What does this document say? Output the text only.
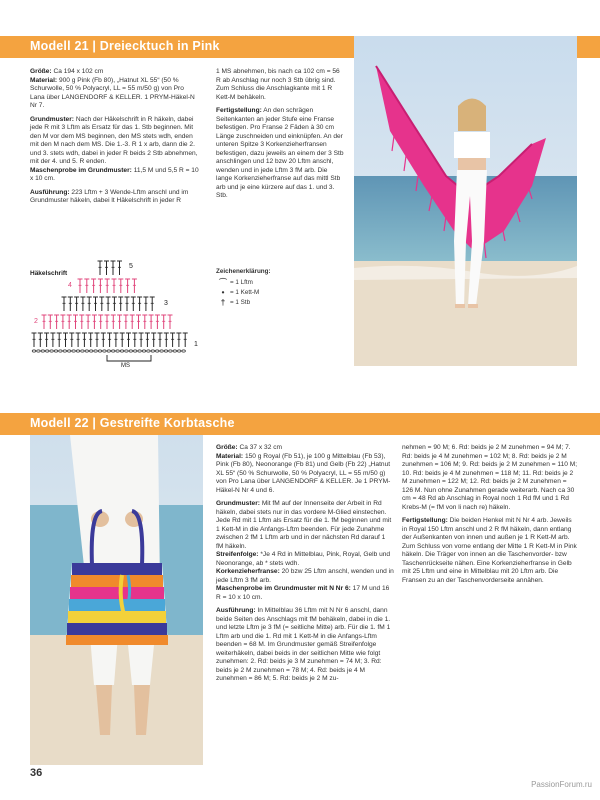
Modell 21 | Dreiecktuch in Pink

Größe: Ca 194 x 102 cm
Material: 900 g Pink (Fb 80), „Hatnut XL 55“ (50 % Schurwolle, 50 % Polyacryl, LL = 55 m/50 g) von Pro Lana über LANGENDORF & KELLER. 1 PRYM-Häkel-N Nr 7.

Grundmuster: Nach der Häkelschrift in R häkeln, dabei jede R mit 3 Lftm als Ersatz für das 1. Stb beginnen. Mit den M vor dem MS beginnen, den MS stets wdh, enden mit den M nach dem MS. Die 1.-3. R 1 x arb, dann die 2. und 3. stets wdh, dabei in jeder R beids 2 Stb abnehmen, mit der 4. und 5. R enden.
Maschenprobe im Grundmuster: 11,5 M und 5,5 R = 10 x 10 cm.

Ausführung: 223 Lftm + 3 Wende-Lftm anschl und im Grundmuster häkeln, dabei lt Häkelschrift in jeder R

1 MS abnehmen, bis nach ca 102 cm = 56 R ab Anschlag nur noch 3 Stb übrig sind. Zum Schluss die Anschlagkante mit 1 R Kett-M behäkeln.

Fertigstellung: An den schrägen Seitenkanten an jeder Stufe eine Franse befestigen. Pro Franse 2 Fäden à 30 cm Länge zuschneiden und einknüpfen. An der unteren Spitze 3 Korkenzieherfransen befestigen, dazu jeweils an einem der 3 Stb anschlingen und 12 bzw 20 Lftm anschl, wenden und in jede Lftm 3 fM arb. Die lange Korkenzieherfranse auf das mittl Stb arb und je eine kürzere auf das 1. und 3. Stb.

Häkelschrift
1
2
3
4
5
MS
Zeichenerklärung:
⌒ = 1 Lftm
• = 1 Kett-M
† = 1 Stb
Modell 22 | Gestreifte Korbtasche

Größe: Ca 37 x 32 cm
Material: 150 g Royal (Fb 51), je 100 g Mittelblau (Fb 53), Pink (Fb 80), Neonorange (Fb 81) und Gelb (Fb 22) „Hatnut XL 55“ (50 % Schurwolle, 50 % Polyacryl, LL = 55 m/50 g) von Pro Lana über LANGENDORF & KELLER. Je 1 PRYM-Häkel-N Nr 4 und 6.

Grundmuster: Mit fM auf der Innenseite der Arbeit in Rd häkeln, dabei stets nur in das vordere M-Glied einstechen. Jede Rd mit 1 Lftm als Ersatz für die 1. fM beginnen und mit 1 Kett-M in die Anfangs-Lftm beenden. Für jede Zunahme zwischen 2 fM 1 Lftm arb und in der nächsten Rd darauf 1 fM häkeln.
Streifenfolge: *Je 4 Rd in Mittelblau, Pink, Royal, Gelb und Neonorange, ab * stets wdh.
Korkenzieherfranse: 20 bzw 25 Lftm anschl, wenden und in jede Lftm 3 fM arb.
Maschenprobe im Grundmuster mit N Nr 6: 17 M und 16 R = 10 x 10 cm.

Ausführung: In Mittelblau 36 Lftm mit N Nr 6 anschl, dann beide Seiten des Anschlags mit fM behäkeln, dabei in die 1. und letzte Lftm je 3 fM (= seitliche Mitte) arb. Für die 1. fM 1 Lftm arb und die 1. Rd mit 1 Kett-M in die Anfangs-Lftm beenden = 68 M. Im Grundmuster gemäß Streifenfolge weiterhäkeln, dabei beids in der seitlichen Mitte wie folgt zunehmen: 2. Rd: beids je 3 M zunehmen = 74 M; 3. Rd: beids je 2 M zunehmen = 78 M; 4. Rd: beids je 4 M zunehmen = 86 M; 5. Rd: beids je 2 M zu-

nehmen = 90 M; 6. Rd: beids je 2 M zunehmen = 94 M; 7. Rd: beids je 4 M zunehmen = 102 M; 8. Rd: beids je 2 M zunehmen = 106 M; 9. Rd: beids je 2 M zunehmen = 110 M; 10. Rd: beids je 4 M zunehmen = 118 M; 11. Rd: beids je 2 M zunehmen = 122 M; 12. Rd: beids je 2 M zunehmen = 126 M. Nun ohne Zunahmen gerade weiterarb. Nach ca 30 cm = 48 Rd ab Anschlag in Royal noch 1 Rd fM und 1 Rd Krebs-M (= fM von li nach re) häkeln.

Fertigstellung: Die beiden Henkel mit N Nr 4 arb. Jeweils in Royal 150 Lftm anschl und 2 R fM häkeln, dann entlang der Außenkanten von innen und außen je 1 R Kett-M arb. Zum Schluss von vorne entlang der Mitte 1 R Kett-M in Pink häkeln. Die Träger von innen an die Taschenvorder- bzw Taschenrückseite nähen. Eine Korkenzieherfranse in Gelb mit 25 Lftm und eine in Mittelblau mit 20 Lftm arb. Die Fransen zu an der Taschenvorderseite annähen.

36
PassionForum.ru
